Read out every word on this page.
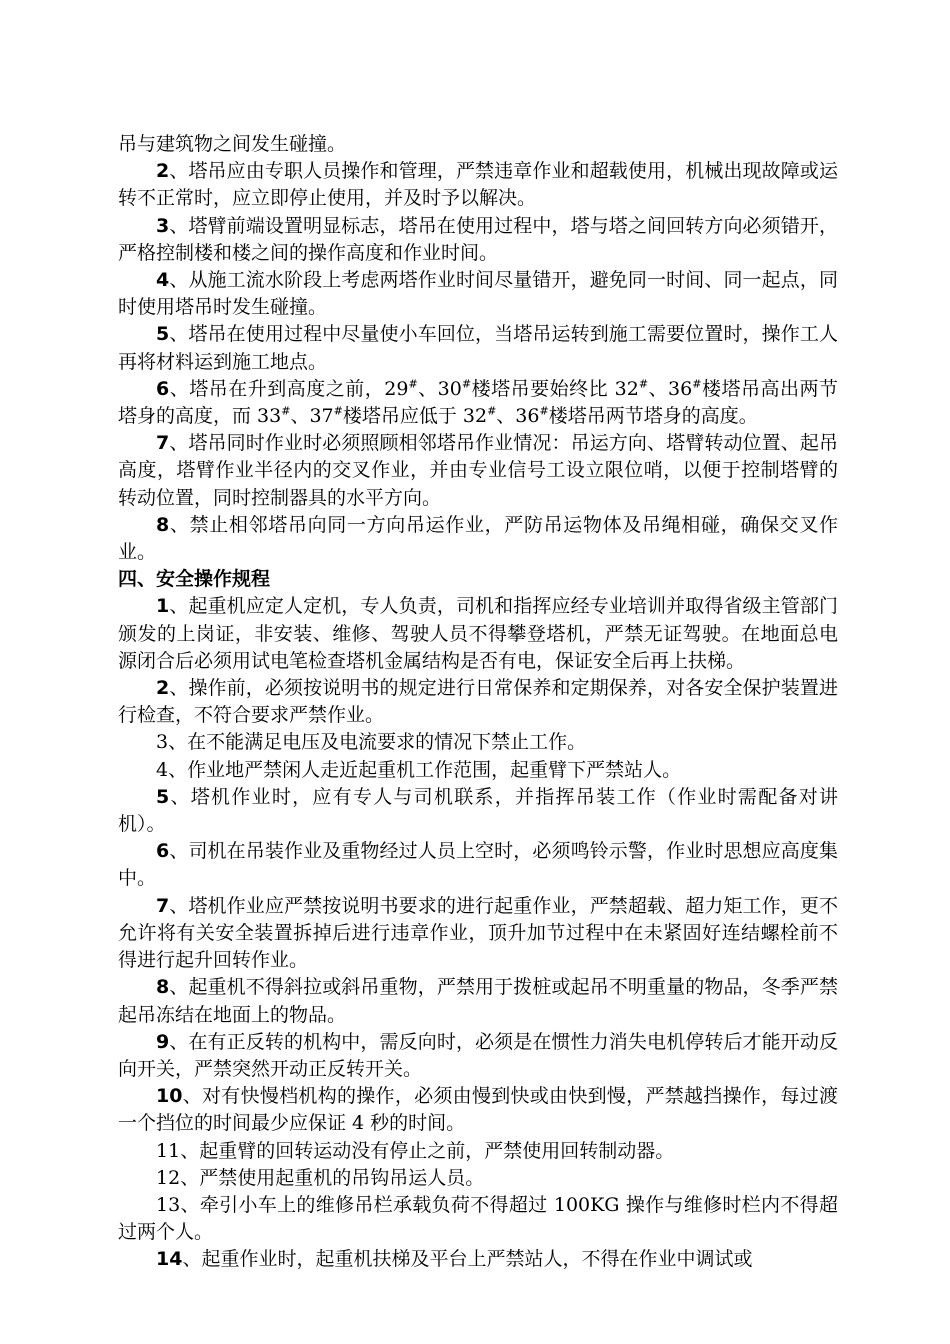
吊与建筑物之间发生碰撞。

2、塔吊应由专职人员操作和管理，严禁违章作业和超载使用，机械出现故障或运转不正常时，应立即停止使用，并及时予以解决。

3、塔臂前端设置明显标志，塔吊在使用过程中，塔与塔之间回转方向必须错开，严格控制楼和楼之间的操作高度和作业时间。

4、从施工流水阶段上考虑两塔作业时间尽量错开，避免同一时间、同一起点，同时使用塔吊时发生碰撞。

5、塔吊在使用过程中尽量使小车回位，当塔吊运转到施工需要位置时，操作工人再将材料运到施工地点。

6、塔吊在升到高度之前，29#、30#楼塔吊要始终比 32#、36#楼塔吊高出两节塔身的高度，而 33#、37#楼塔吊应低于 32#、36#楼塔吊两节塔身的高度。

7、塔吊同时作业时必须照顾相邻塔吊作业情况：吊运方向、塔臂转动位置、起吊高度，塔臂作业半径内的交叉作业，并由专业信号工设立限位哨，以便于控制塔臂的转动位置，同时控制器具的水平方向。

8、禁止相邻塔吊向同一方向吊运作业，严防吊运物体及吊绳相碰，确保交叉作业。

四、安全操作规程

1、起重机应定人定机，专人负责，司机和指挥应经专业培训并取得省级主管部门颁发的上岗证，非安装、维修、驾驶人员不得攀登塔机，严禁无证驾驶。在地面总电源闭合后必须用试电笔检查塔机金属结构是否有电，保证安全后再上扶梯。

2、操作前，必须按说明书的规定进行日常保养和定期保养，对各安全保护装置进行检查，不符合要求严禁作业。

3、在不能满足电压及电流要求的情况下禁止工作。

4、作业地严禁闲人走近起重机工作范围，起重臂下严禁站人。

5、塔机作业时，应有专人与司机联系，并指挥吊装工作（作业时需配备对讲机）。

6、司机在吊装作业及重物经过人员上空时，必须鸣铃示警，作业时思想应高度集中。

7、塔机作业应严禁按说明书要求的进行起重作业，严禁超载、超力矩工作，更不允许将有关安全装置拆掉后进行违章作业，顶升加节过程中在未紧固好连结螺栓前不得进行起升回转作业。

8、起重机不得斜拉或斜吊重物，严禁用于拨桩或起吊不明重量的物品，冬季严禁起吊冻结在地面上的物品。

9、在有正反转的机构中，需反向时，必须是在惯性力消失电机停转后才能开动反向开关，严禁突然开动正反转开关。

10、对有快慢档机构的操作，必须由慢到快或由快到慢，严禁越挡操作，每过渡一个挡位的时间最少应保证 4 秒的时间。

11、起重臂的回转运动没有停止之前，严禁使用回转制动器。

12、严禁使用起重机的吊钩吊运人员。

13、牵引小车上的维修吊栏承载负荷不得超过 100KG 操作与维修时栏内不得超过两个人。

14、起重作业时，起重机扶梯及平台上严禁站人，不得在作业中调试或
